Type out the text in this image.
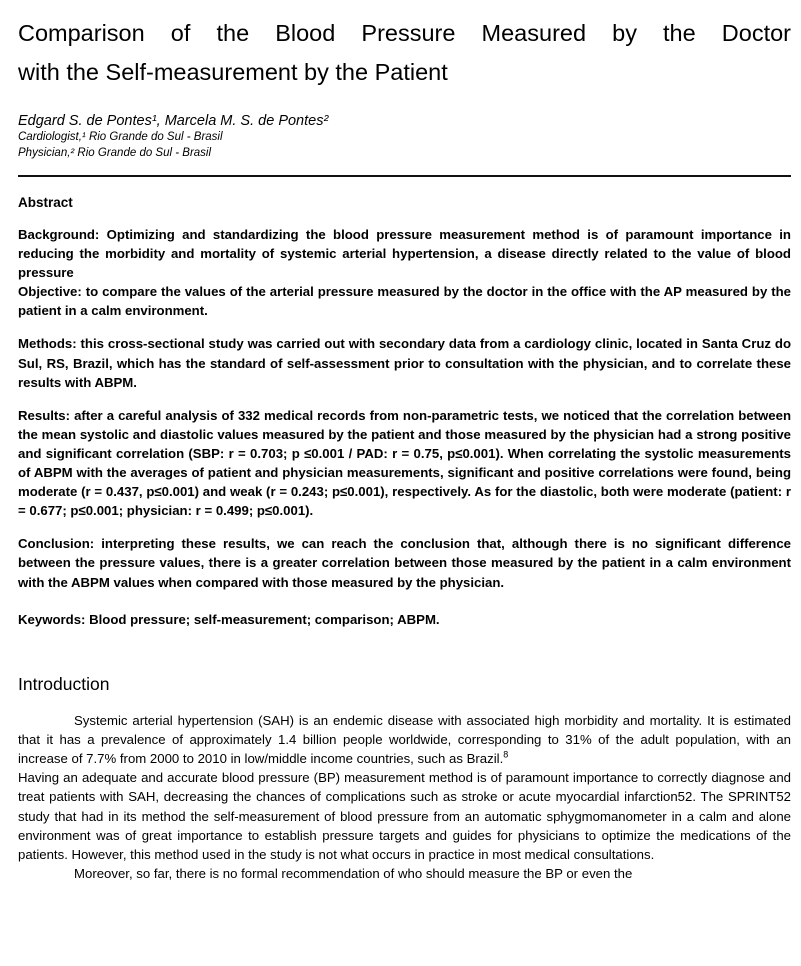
Comparison of the Blood Pressure Measured by the Doctor
with the Self-measurement by the Patient

Edgard S. de Pontes¹, Marcela M. S. de Pontes²

Cardiologist,¹ Rio Grande do Sul - Brasil

Physician,² Rio Grande do Sul - Brasil

Abstract

Background: Optimizing and standardizing the blood pressure measurement method is of paramount importance in reducing the morbidity and mortality of systemic arterial hypertension, a disease directly related to the value of blood pressure

Objective: to compare the values of the arterial pressure measured by the doctor in the office with the AP measured by the patient in a calm environment.

Methods: this cross-sectional study was carried out with secondary data from a cardiology clinic, located in Santa Cruz do Sul, RS, Brazil, which has the standard of self-assessment prior to consultation with the physician, and to correlate these results with ABPM.

Results: after a careful analysis of 332 medical records from non-parametric tests, we noticed that the correlation between the mean systolic and diastolic values measured by the patient and those measured by the physician had a strong positive and significant correlation (SBP: r = 0.703; p ≤0.001 / PAD: r = 0.75, p≤0.001). When correlating the systolic measurements of ABPM with the averages of patient and physician measurements, significant and positive correlations were found, being moderate (r = 0.437, p≤0.001) and weak (r = 0.243; p≤0.001), respectively. As for the diastolic, both were moderate (patient: r = 0.677; p≤0.001; physician: r = 0.499; p≤0.001).

Conclusion: interpreting these results, we can reach the conclusion that, although there is no significant difference between the pressure values, there is a greater correlation between those measured by the patient in a calm environment with the ABPM values when compared with those measured by the physician.

Keywords: Blood pressure; self-measurement; comparison; ABPM.

Introduction

Systemic arterial hypertension (SAH) is an endemic disease with associated high morbidity and mortality. It is estimated that it has a prevalence of approximately 1.4 billion people worldwide, corresponding to 31% of the adult population, with an increase of 7.7% from 2000 to 2010 in low/middle income countries, such as Brazil.$^8$

Having an adequate and accurate blood pressure (BP) measurement method is of paramount importance to correctly diagnose and treat patients with SAH, decreasing the chances of complications such as stroke or acute myocardial infarction52. The SPRINT52 study that had in its method the self-measurement of blood pressure from an automatic sphygmomanometer in a calm and alone environment was of great importance to establish pressure targets and guides for physicians to optimize the medications of the patients. However, this method used in the study is not what occurs in practice in most medical consultations.

Moreover, so far, there is no formal recommendation of who should measure the BP or even the
